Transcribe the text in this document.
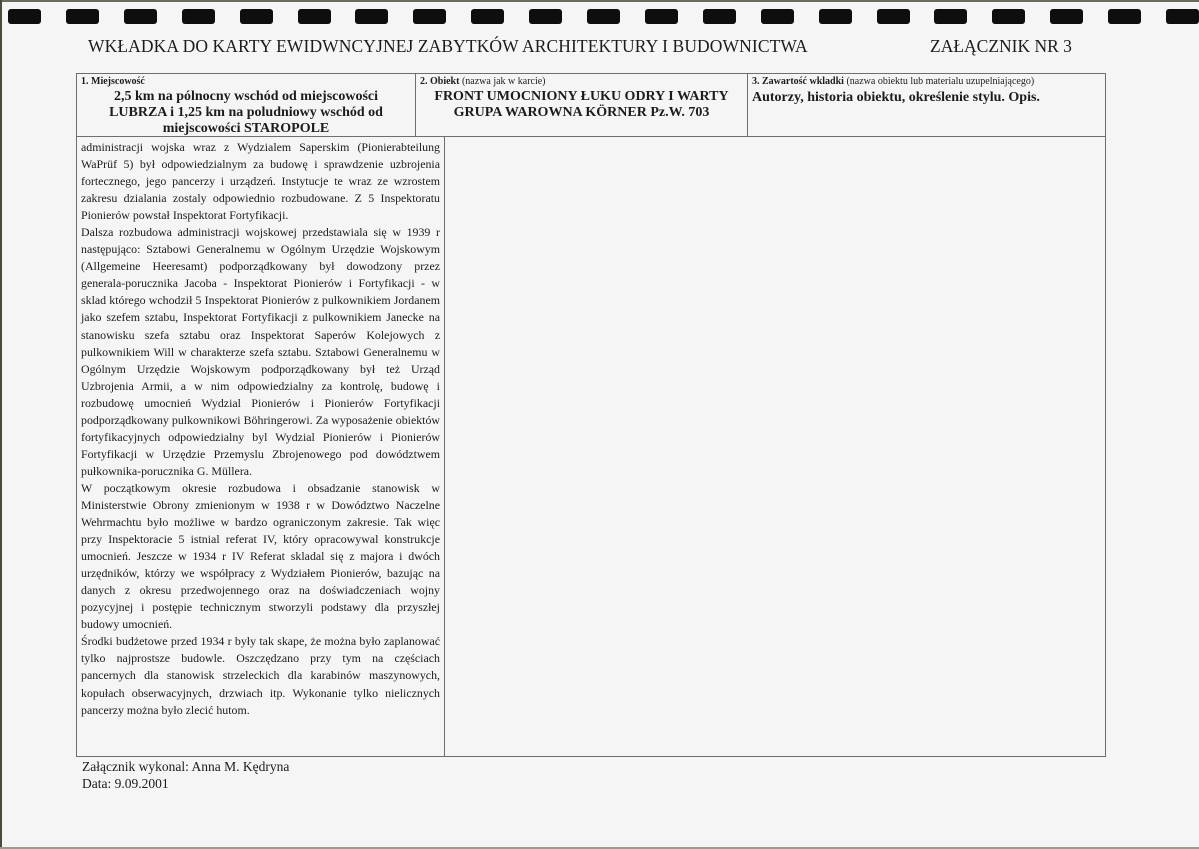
WKŁADKA DO KARTY EWIDWNCYJNEJ ZABYTKÓW ARCHITEKTURY I BUDOWNICTWA	ZAŁĄCZNIK NR 3
1. Miejscowość
2,5 km na pólnocny wschód od miejscowości
LUBRZA i 1,25 km na poludniowy wschód od
miejscowości STAROPOLE
2. Obiekt (nazwa jak w karcie)
FRONT UMOCNIONY ŁUKU ODRY I WARTY
GRUPA WAROWNA KÖRNER Pz.W. 703
3. Zawartość wkladki (nazwa obiektu lub materialu uzupelniającego)
Autorzy, historia obiektu, określenie stylu. Opis.

administracji wojska wraz z Wydzialem Saperskim (Pionierabteilung WaPrüf 5) był odpowiedzialnym za budowę i sprawdzenie uzbrojenia fortecznego, jego pancerzy i urządzeń. Instytucje te wraz ze wzrostem zakresu dzialania zostaly odpowiednio rozbudowane. Z 5 Inspektoratu Pionierów powstał Inspektorat Fortyfikacji.

Dalsza rozbudowa administracji wojskowej przedstawiala się w 1939 r następująco: Sztabowi Generalnemu w Ogólnym Urzędzie Wojskowym (Allgemeine Heeresamt) podporządkowany był dowodzony przez generala-porucznika Jacoba - Inspektorat Pionierów i Fortyfikacji - w sklad którego wchodził 5 Inspektorat Pionierów z pulkownikiem Jordanem jako szefem sztabu, Inspektorat Fortyfikacji z pulkownikiem Janecke na stanowisku szefa sztabu oraz Inspektorat Saperów Kolejowych z pulkownikiem Will w charakterze szefa sztabu. Sztabowi Generalnemu w Ogólnym Urzędzie Wojskowym podporządkowany był też Urząd Uzbrojenia Armii, a w nim odpowiedzialny za kontrolę, budowę i rozbudowę umocnień Wydzial Pionierów i Pionierów Fortyfikacji podporządkowany pulkownikowi Böhringerowi. Za wyposażenie obiektów fortyfikacyjnych odpowiedzialny byl Wydzial Pionierów i Pionierów Fortyfikacji w Urzędzie Przemyslu Zbrojenowego pod dowództwem pułkownika-porucznika G. Müllera.

W początkowym okresie rozbudowa i obsadzanie stanowisk w Ministerstwie Obrony zmienionym w 1938 r w Dowództwo Naczelne Wehrmachtu było możliwe w bardzo ograniczonym zakresie. Tak więc przy Inspektoracie 5 istnial referat IV, który opracowywal konstrukcje umocnień. Jeszcze w 1934 r IV Referat skladal się z majora i dwóch urzędników, którzy we współpracy z Wydziałem Pionierów, bazując na danych z okresu przedwojennego oraz na doświadczeniach wojny pozycyjnej i postępie technicznym stworzyli podstawy dla przyszłej budowy umocnień.

Środki budżetowe przed 1934 r były tak skape, że można było zaplanować tylko najprostsze budowle. Oszczędzano przy tym na częściach pancernych dla stanowisk strzeleckich dla karabinów maszynowych, kopułach obserwacyjnych, drzwiach itp. Wykonanie tylko nielicznych pancerzy można było zlecić hutom.

Załącznik wykonal: Anna M. Kędryna
Data: 9.09.2001
